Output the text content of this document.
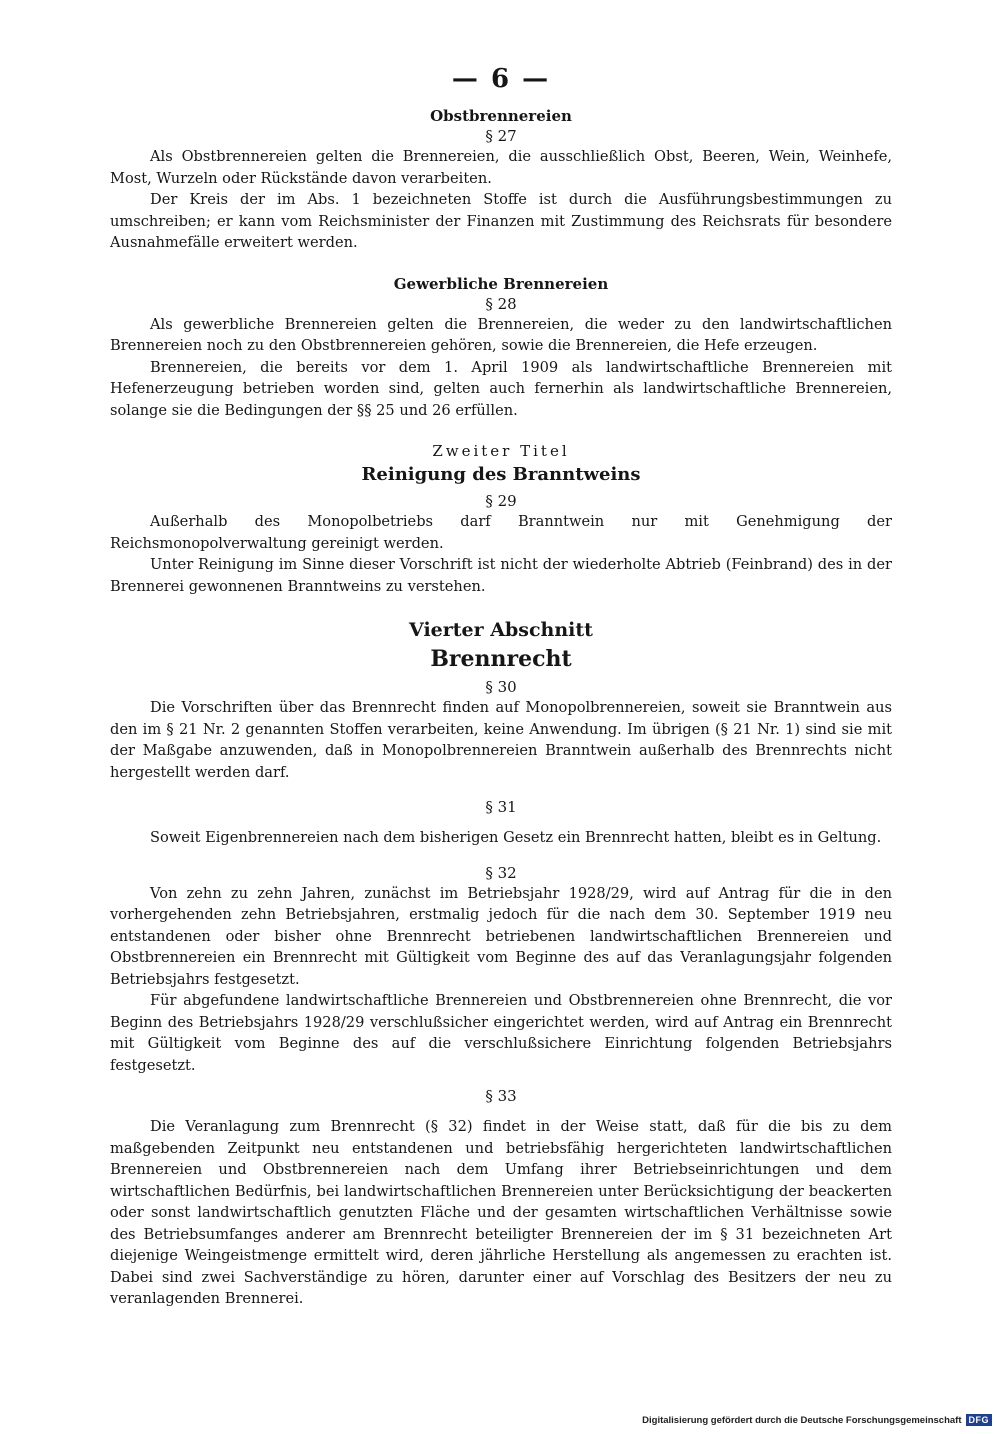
— 6 —
Obstbrennereien
§ 27

Als Obstbrennereien gelten die Brennereien, die ausschließlich Obst, Beeren, Wein, Weinhefe, Most, Wurzeln oder Rückstände davon verarbeiten.

Der Kreis der im Abs. 1 bezeichneten Stoffe ist durch die Ausführungsbestimmungen zu umschreiben; er kann vom Reichsminister der Finanzen mit Zustimmung des Reichsrats für besondere Ausnahmefälle erweitert werden.

Gewerbliche Brennereien
§ 28

Als gewerbliche Brennereien gelten die Brennereien, die weder zu den landwirtschaftlichen Brennereien noch zu den Obstbrennereien gehören, sowie die Brennereien, die Hefe erzeugen.

Brennereien, die bereits vor dem 1. April 1909 als landwirtschaftliche Brennereien mit Hefenerzeugung betrieben worden sind, gelten auch fernerhin als landwirtschaftliche Brennereien, solange sie die Bedingungen der §§ 25 und 26 erfüllen.

Zweiter Titel
Reinigung des Branntweins
§ 29

Außerhalb des Monopolbetriebs darf Branntwein nur mit Genehmigung der Reichsmonopolverwaltung gereinigt werden.

Unter Reinigung im Sinne dieser Vorschrift ist nicht der wiederholte Abtrieb (Feinbrand) des in der Brennerei gewonnenen Branntweins zu verstehen.

Vierter Abschnitt
Brennrecht
§ 30

Die Vorschriften über das Brennrecht finden auf Monopolbrennereien, soweit sie Branntwein aus den im § 21 Nr. 2 genannten Stoffen verarbeiten, keine Anwendung. Im übrigen (§ 21 Nr. 1) sind sie mit der Maßgabe anzuwenden, daß in Monopolbrennereien Branntwein außerhalb des Brennrechts nicht hergestellt werden darf.

§ 31

Soweit Eigenbrennereien nach dem bisherigen Gesetz ein Brennrecht hatten, bleibt es in Geltung.

§ 32

Von zehn zu zehn Jahren, zunächst im Betriebsjahr 1928/29, wird auf Antrag für die in den vorhergehenden zehn Betriebsjahren, erstmalig jedoch für die nach dem 30. September 1919 neu entstandenen oder bisher ohne Brennrecht betriebenen landwirtschaftlichen Brennereien und Obstbrennereien ein Brennrecht mit Gültigkeit vom Beginne des auf das Veranlagungsjahr folgenden Betriebsjahrs festgesetzt.

Für abgefundene landwirtschaftliche Brennereien und Obstbrennereien ohne Brennrecht, die vor Beginn des Betriebsjahrs 1928/29 verschlußsicher eingerichtet werden, wird auf Antrag ein Brennrecht mit Gültigkeit vom Beginne des auf die verschlußsichere Einrichtung folgenden Betriebsjahrs festgesetzt.

§ 33

Die Veranlagung zum Brennrecht (§ 32) findet in der Weise statt, daß für die bis zu dem maßgebenden Zeitpunkt neu entstandenen und betriebsfähig hergerichteten landwirtschaftlichen Brennereien und Obstbrennereien nach dem Umfang ihrer Betriebseinrichtungen und dem wirtschaftlichen Bedürfnis, bei landwirtschaftlichen Brennereien unter Berücksichtigung der beackerten oder sonst landwirtschaftlich genutzten Fläche und der gesamten wirtschaftlichen Verhältnisse sowie des Betriebsumfanges anderer am Brennrecht beteiligter Brennereien der im § 31 bezeichneten Art diejenige Weingeistmenge ermittelt wird, deren jährliche Herstellung als angemessen zu erachten ist. Dabei sind zwei Sachverständige zu hören, darunter einer auf Vorschlag des Besitzers der neu zu veranlagenden Brennerei.

Digitalisierung gefördert durch die Deutsche Forschungsgemeinschaft DFG
